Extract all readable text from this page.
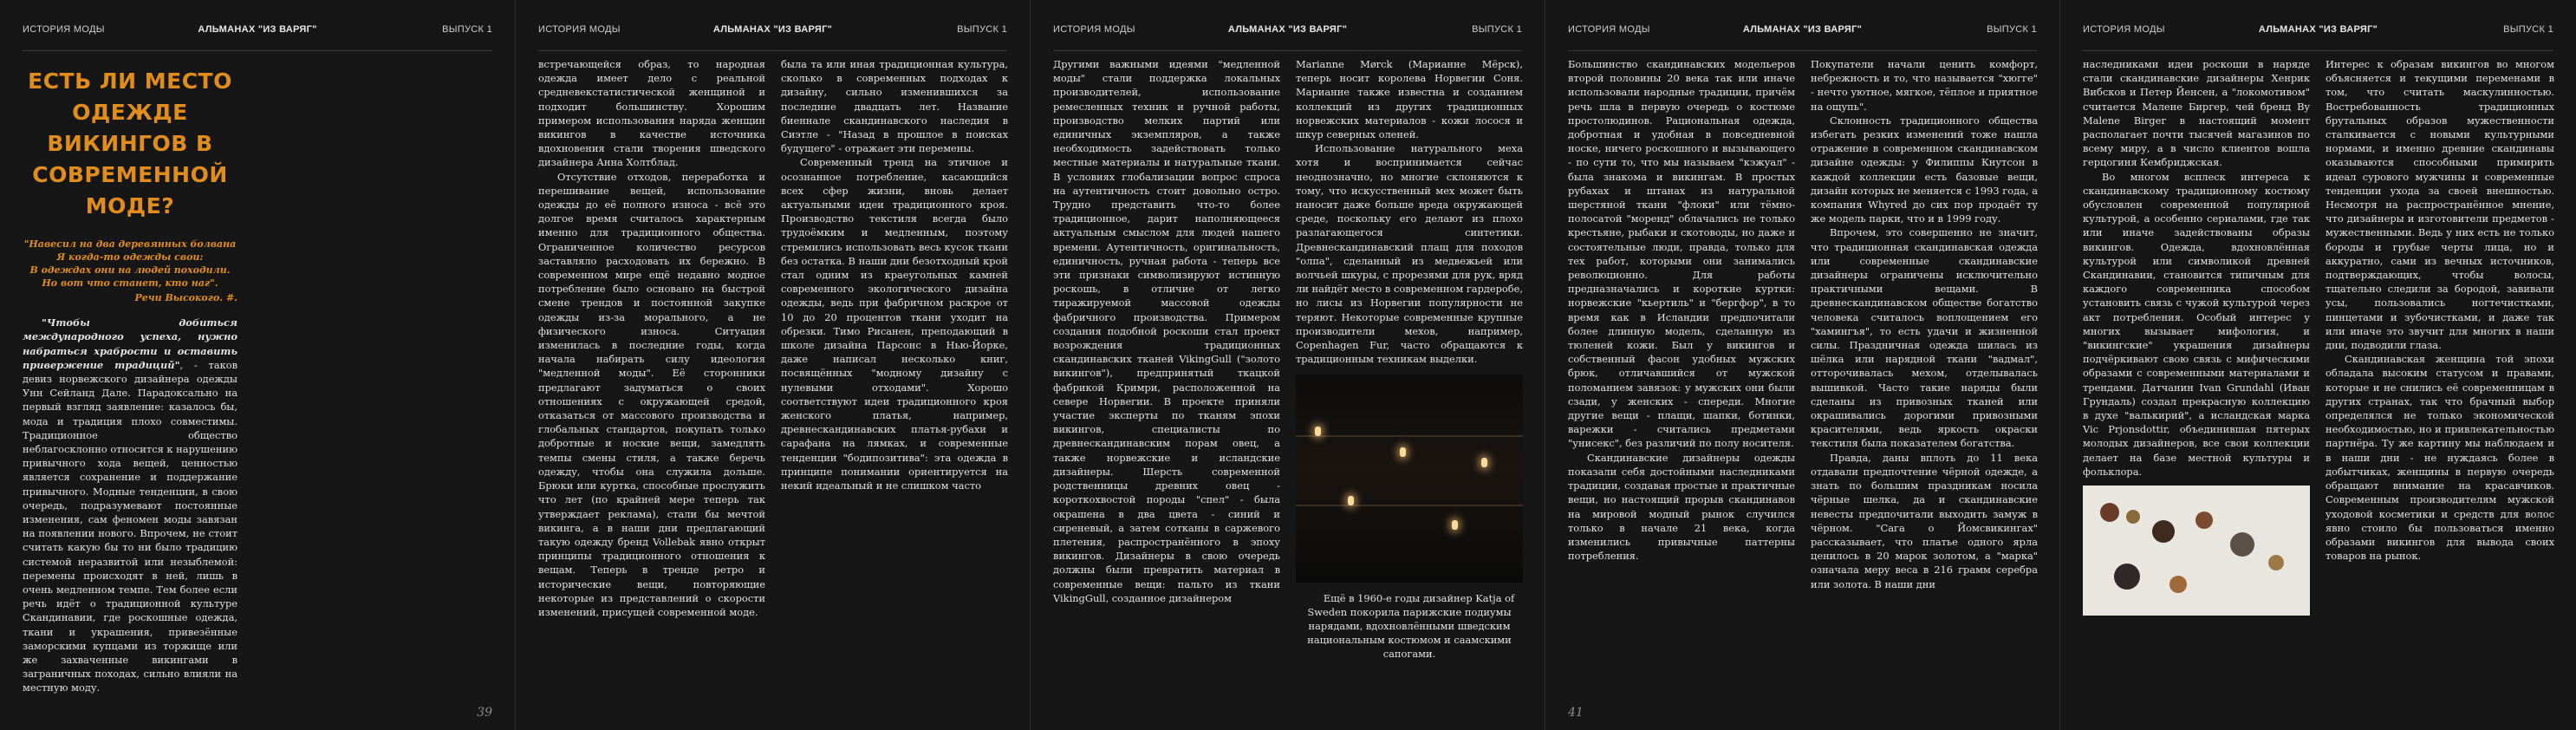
ИСТОРИЯ МОДЫ	АЛЬМАНАХ "ИЗ ВАРЯГ"	ВЫПУСК 1
ЕСТЬ ЛИ МЕСТО ОДЕЖДЕ ВИКИНГОВ В СОВРЕМЕННОЙ МОДЕ?
"Навесил на два деревянных болвана
Я когда-то одежды свои:
В одеждах они на людей походили.
Но вот что станет, кто наг".
Речи Высокого. #.

"Чтобы добиться международного успеха, нужно набраться храбрости и оставить привержение традиций", - таков девиз норвежского дизайнера одежды Унн Сейланд Дале. Парадоксально на первый взгляд заявление: казалось бы, мода и традиция плохо совместимы. Традиционное общество неблагосклонно относится к нарушению привычного хода вещей, ценностью является сохранение и поддержание привычного. Модные тенденции, в свою очередь, подразумевают постоянные изменения, сам феномен моды завязан на появлении нового. Впрочем, не стоит считать какую бы то ни было традицию системой неразвитой или незыблемой: перемены происходят в ней, лишь в очень медленном темпе. Тем более если речь идёт о традиционной культуре Скандинавии, где роскошные одежда, ткани и украшения, привезённые заморскими купцами из торжище или же захваченные викингами в заграничных походах, сильно влияли на местную моду.

39
ИСТОРИЯ МОДЫ	АЛЬМАНАХ "ИЗ ВАРЯГ"	ВЫПУСК 1

встречающейся образ, то народная одежда имеет дело с реальной средневекстатистической женщиной и подходит большинству. Хорошим примером использования наряда женщин викингов в качестве источника вдохновения стали творения шведского дизайнера Анна Холтблад.

Отсутствие отходов, переработка и перешивание вещей, использование одежды до её полного износа - всё это долгое время считалось характерным именно для традиционного общества. Ограниченное количество ресурсов заставляло расходовать их бережно. В современном мире ещё недавно модное потребление было основано на быстрой смене трендов и постоянной закупке одежды из-за морального, а не физического износа. Ситуация изменилась в последние годы, когда начала набирать силу идеология "медленной моды". Её сторонники предлагают задуматься о своих отношениях с окружающей средой, отказаться от массового производства и глобальных стандартов, покупать только добротные и ноские вещи, замедлять темпы смены стиля, а также беречь одежду, чтобы она служила дольше. Брюки или куртка, способные прослужить что лет (по крайней мере теперь так утверждает реклама), стали бы мечтой викинга, а в наши дни предлагающий такую одежду бренд Vollebak явно открыт принципы традиционного отношения к вещам. Теперь в тренде ретро и исторические вещи, повторяющие некоторые из представлений о скорости изменений, присущей современной моде.

была та или иная традиционная культура, сколько в современных подходах к дизайну, сильно изменившихся за последние двадцать лет. Название биеннале скандинавского наследия в Сиэтле - "Назад в прошлое в поисках будущего" - отражает эти перемены.

Современный тренд на этичное и осознанное потребление, касающийся всех сфер жизни, вновь делает актуальными идеи традиционного кроя. Производство текстиля всегда было трудоёмким и медленным, поэтому стремились использовать весь кусок ткани без остатка. В наши дни безотходный крой стал одним из краеугольных камней современного экологического дизайна одежды, ведь при фабричном раскрое от 10 до 20 процентов ткани уходит на обрезки. Тимо Рисанен, преподающий в школе дизайна Парсонс в Нью-Йорке, даже написал несколько книг, посвящённых "модному дизайну с нулевыми отходами". Хорошо соответствуют идеи традиционного кроя женского платья, например, древнескандинавских платья-рубахи и сарафана на лямках, и современные тенденции "бодипозитива": эта одежда в принципе понимании ориентируется на некий идеальный и не слишком часто

ИСТОРИЯ МОДЫ	АЛЬМАНАХ "ИЗ ВАРЯГ"	ВЫПУСК 1

Другими важными идеями "медленной моды" стали поддержка локальных производителей, использование ремесленных техник и ручной работы, производство мелких партий или единичных экземпляров, а также необходимость задействовать только местные материалы и натуральные ткани. В условиях глобализации вопрос спроса на аутентичность стоит довольно остро. Трудно представить что-то более традиционное, дарит наполняющееся актуальным смыслом для людей нашего времени. Аутентичность, оригинальность, единичность, ручная работа - теперь все эти признаки символизируют истинную роскошь, в отличие от легко тиражируемой массовой одежды фабричного производства. Примером создания подобной роскоши стал проект возрождения традиционных скандинавских тканей VikingGull ("золото викингов"), предпринятый ткацкой фабрикой Кримри, расположенной на севере Норвегии. В проекте приняли участие эксперты по тканям эпохи викингов, специалисты по древнескандинавским порам овец, а также норвежские и исландские дизайнеры. Шерсть современной родственницы древних овец - короткохвостой породы "спел" - была окрашена в два цвета - синий и сиреневый, а затем сотканы в саржевого плетения, распространённого в эпоху викингов. Дизайнеры в свою очередь должны были превратить материал в современные вещи: пальто из ткани VikingGull, созданное дизайнером

Marianne Mørck (Марианне Мёрск), теперь носит королева Норвегии Соня. Марианне также известна и созданием коллекций из других традиционных норвежских материалов - кожи лосося и шкур северных оленей.

Использование натурального меха хотя и воспринимается сейчас неоднозначно, но многие склоняются к тому, что искусственный мех может быть наносит даже больше вреда окружающей среде, поскольку его делают из плохо разлагающегося синтетики. Древнескандинавский плащ для походов "олпа", сделанный из медвежьей или волчьей шкуры, с прорезями для рук, вряд ли найдёт место в современном гардеробе, но лисы из Норвегии популярности не теряют. Некоторые современные крупные производители мехов, например, Copenhagen Fur, часто обращаются к традиционным техникам выделки.

Ещё в 1960-е годы дизайнер Katja of Sweden покорила парижские подиумы нарядами, вдохновлёнными шведским национальным костюмом и саамскими сапогами.

ИСТОРИЯ МОДЫ	АЛЬМАНАХ "ИЗ ВАРЯГ"	ВЫПУСК 1

Большинство скандинавских модельеров второй половины 20 века так или иначе использовали народные традиции, причём речь шла в первую очередь о костюме простолюдинов. Рациональная одежда, добротная и удобная в повседневной носке, ничего роскошного и вызывающего - по сути то, что мы называем "кэжуал" - была знакома и викингам. В простых рубахах и штанах из натуральной шерстяной ткани "флоки" или тёмно-полосатой "моренд" облачались не только крестьяне, рыбаки и скотоводы, но даже и состоятельные люди, правда, только для тех работ, которыми они занимались революционно. Для работы предназначались и короткие куртки: норвежские "кьертиль" и "бергфор", в то время как в Исландии предпочитали более длинную модель, сделанную из тюленей кожи. Был у викингов и собственный фасон удобных мужских брюк, отличавшийся от мужской поломанием завязок: у мужских они были сзади, у женских - спереди. Многие другие вещи - плащи, шапки, ботинки, варежки - считались предметами "унисекс", без различий по полу носителя.

Скандинавские дизайнеры одежды показали себя достойными наследниками традиции, создавая простые и практичные вещи, но настоящий прорыв скандинавов на мировой модный рынок случился только в начале 21 века, когда изменились привычные паттерны потребления.

Покупатели начали ценить комфорт, небрежность и то, что называется "хюгге" - нечто уютное, мягкое, тёплое и приятное на ощупь".

Склонность традиционного общества избегать резких изменений тоже нашла отражение в современном скандинавском дизайне одежды: у Филиппы Кнутсон в каждой коллекции есть базовые вещи, дизайн которых не меняется с 1993 года, а компания Whyred до сих пор продаёт ту же модель парки, что и в 1999 году.

Впрочем, это совершенно не значит, что традиционная скандинавская одежда или современные скандинавские дизайнеры ограничены исключительно практичными вещами. В древнескандинавском обществе богатство человека считалось воплощением его "хамингъя", то есть удачи и жизненной силы. Праздничная одежда шилась из шёлка или нарядной ткани "вадмал", отторочивалась мехом, отделывалась вышивкой. Часто такие наряды были сделаны из привозных тканей или окрашивались дорогими привозными красителями, ведь яркость окраски текстиля была показателем богатства.

Правда, даны вплоть до 11 века отдавали предпочтение чёрной одежде, а знать по большим праздникам носила чёрные шелка, да и скандинавские невесты предпочитали выходить замуж в чёрном. "Сага о Йомсвикингах" рассказывает, что платье одного ярла ценилось в 20 марок золотом, а "марка" означала меру веса в 216 грамм серебра или золота. В наши дни

41
ИСТОРИЯ МОДЫ	АЛЬМАНАХ "ИЗ ВАРЯГ"	ВЫПУСК 1

наследниками идеи роскоши в наряде стали скандинавские дизайнеры Хенрик Вибсков и Петер Йенсен, а "локомотивом" считается Малене Биргер, чей бренд By Malene Birger в настоящий момент располагает почти тысячей магазинов по всему миру, а в число клиентов вошла герцогиня Кембриджская.

Во многом всплеск интереса к скандинавскому традиционному костюму обусловлен современной популярной культурой, а особенно сериалами, где так или иначе задействованы образы викингов. Одежда, вдохновлённая культурой или символикой древней Скандинавии, становится типичным для каждого современника способом установить связь с чужой культурой через акт потребления. Особый интерес у многих вызывает мифология, и "викингские" украшения дизайнеры подчёркивают свою связь с мифическими образами с современными материалами и трендами. Датчанин Ivan Grundahl (Иван Грундаль) создал прекрасную коллекцию в духе "валькирий", а исландская марка Vic Prjonsdottir, объединившая пятерых молодых дизайнеров, все свои коллекции делает на базе местной культуры и фольклора.

Интерес к образам викингов во многом объясняется и текущими переменами в том, что считать маскулинностью. Востребованность традиционных брутальных образов мужественности сталкивается с новыми культурными нормами, и именно древние скандинавы оказываются способными примирить идеал сурового мужчины и современные тенденции ухода за своей внешностью. Несмотря на распространённое мнение, что дизайнеры и изготовители предметов - мужественными. Ведь у них есть не только бороды и грубые черты лица, но и аккуратно, сами из вечных источников, подтверждающих, чтобы волосы, тщательно следили за бородой, завивали усы, пользовались ногтечистками, пинцетами и зубочистками, и даже так или иначе это звучит для многих в наши дни, подводили глаза.

Скандинавская женщина той эпохи обладала высоким статусом и правами, которые и не снились её современницам в других странах, так что брачный выбор определялся не только экономической необходимостью, но и привлекательностью партнёра. Ту же картину мы наблюдаем и в наши дни - не нуждаясь более в добытчиках, женщины в первую очередь обращают внимание на красавчиков. Современным производителям мужской уходовой косметики и средств для волос явно стоило бы пользоваться именно образами викингов для вывода своих товаров на рынок.
